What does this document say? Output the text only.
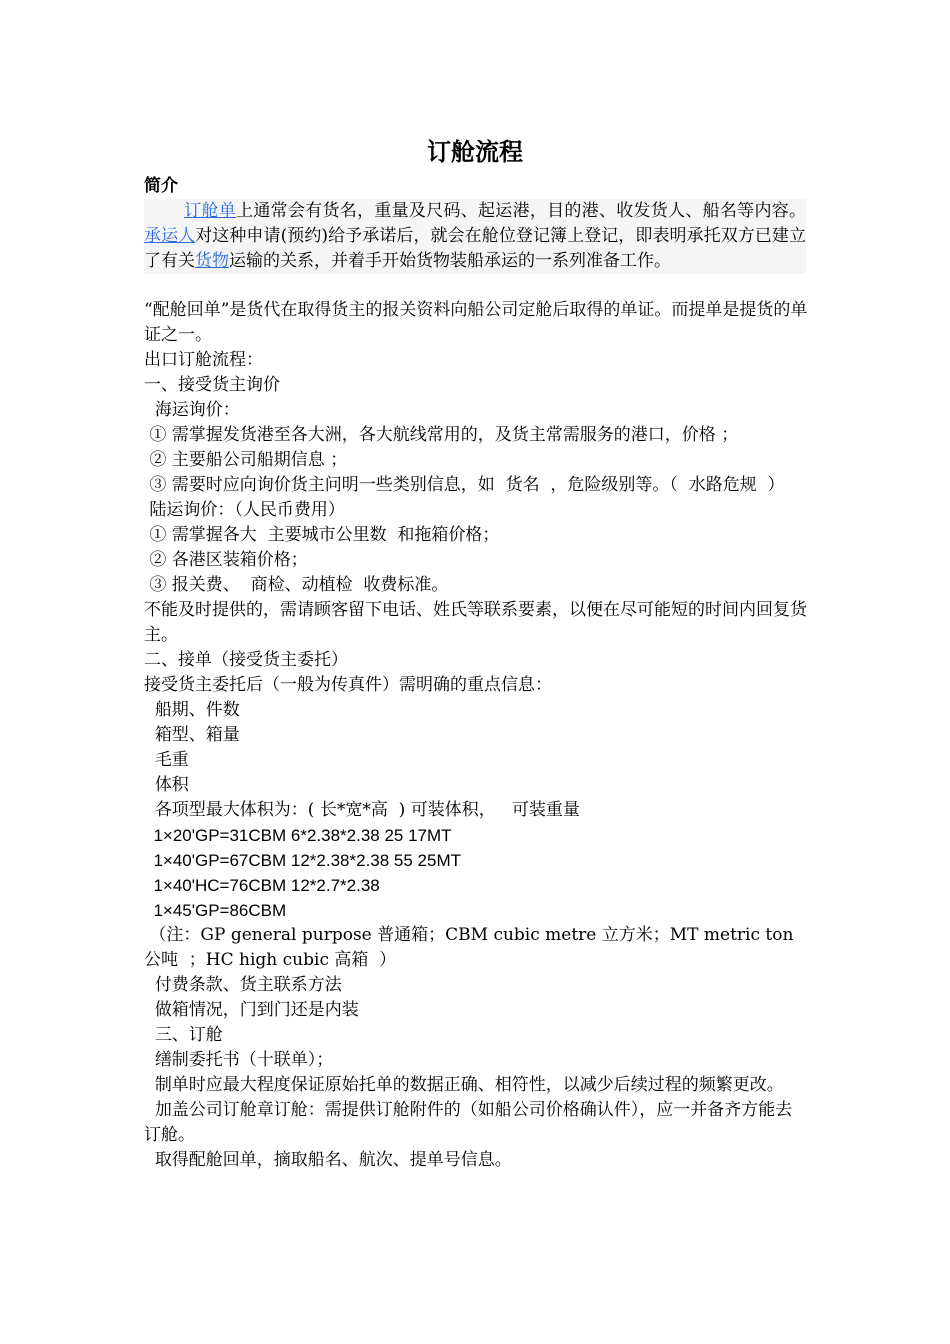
订舱流程
简介

订舱单上通常会有货名，重量及尺码、起运港，目的港、收发货人、船名等内容。承运人对这种申请(预约)给予承诺后，就会在舱位登记簿上登记，即表明承托双方已建立了有关货物运输的关系，并着手开始货物装船承运的一系列准备工作。

“配舱回单”是货代在取得货主的报关资料向船公司定舱后取得的单证。而提单是提货的单证之一。

出口订舱流程：

一、接受货主询价

海运询价：

① 需掌握发货港至各大洲，各大航线常用的，及货主常需服务的港口，价格 ；

② 主要船公司船期信息 ；

③ 需要时应向询价货主问明一些类别信息，如  货名  ，危险级别等。（  水路危规  ）

陆运询价：（人民币费用）

① 需掌握各大  主要城市公里数  和拖箱价格；

② 各港区装箱价格；

③ 报关费、  商检、动植检  收费标准。

不能及时提供的，需请顾客留下电话、姓氏等联系要素，以便在尽可能短的时间内回复货主。

二、接单（接受货主委托）

接受货主委托后（一般为传真件）需明确的重点信息：

船期、件数

箱型、箱量

毛重

体积

各项型最大体积为：( 长*宽*高  ) 可装体积，   可装重量

1×20'GP=31CBM 6*2.38*2.38 25 17MT

1×40'GP=67CBM 12*2.38*2.38 55 25MT

1×40'HC=76CBM 12*2.7*2.38

1×45'GP=86CBM

（注：GP general purpose 普通箱；CBM cubic metre 立方米；MT metric ton 公吨  ；HC high cubic 高箱  ）

付费条款、货主联系方法

做箱情况，门到门还是内装

三、订舱

缮制委托书（十联单）；

制单时应最大程度保证原始托单的数据正确、相符性，以减少后续过程的频繁更改。

加盖公司订舱章订舱：需提供订舱附件的（如船公司价格确认件），应一并备齐方能去订舱。

取得配舱回单，摘取船名、航次、提单号信息。
